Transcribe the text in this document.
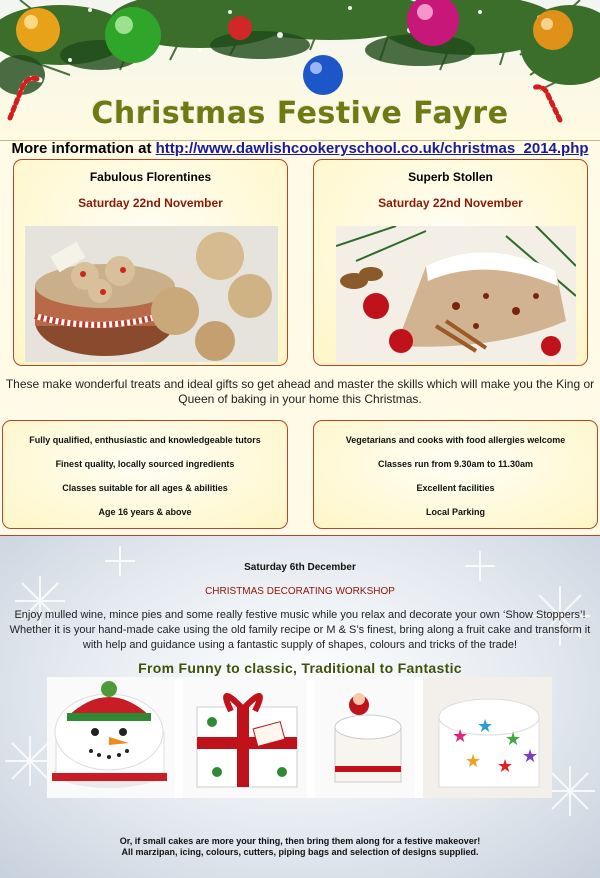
Christmas Festive Fayre
More information at http://www.dawlishcookeryschool.co.uk/christmas_2014.php
Fabulous Florentines
Saturday 22nd November
Superb Stollen
Saturday 22nd November
These make wonderful treats and ideal gifts so get ahead and master the skills which will make you the King or Queen of baking in your home this Christmas.
Fully qualified, enthusiastic and knowledgeable tutors
Finest quality, locally sourced ingredients
Classes suitable for all ages & abilities
Age 16 years & above
Vegetarians and cooks with food allergies welcome
Classes run from 9.30am to 11.30am
Excellent facilities
Local Parking
Saturday 6th December
CHRISTMAS DECORATING WORKSHOP
Enjoy mulled wine, mince pies and some really festive music while you relax and decorate your own ‘Show Stoppers’! Whether it is your hand-made cake using the old family recipe or M & S’s finest, bring along a fruit cake and transform it with help and guidance using a fantastic supply of shapes, colours and tricks of the trade!
From Funny to classic, Traditional to Fantastic
★ ★
★
★ ★ ★
Or, if small cakes are more your thing, then bring them along for a festive makeover!
All marzipan, icing, colours, cutters, piping bags and selection of designs supplied.
